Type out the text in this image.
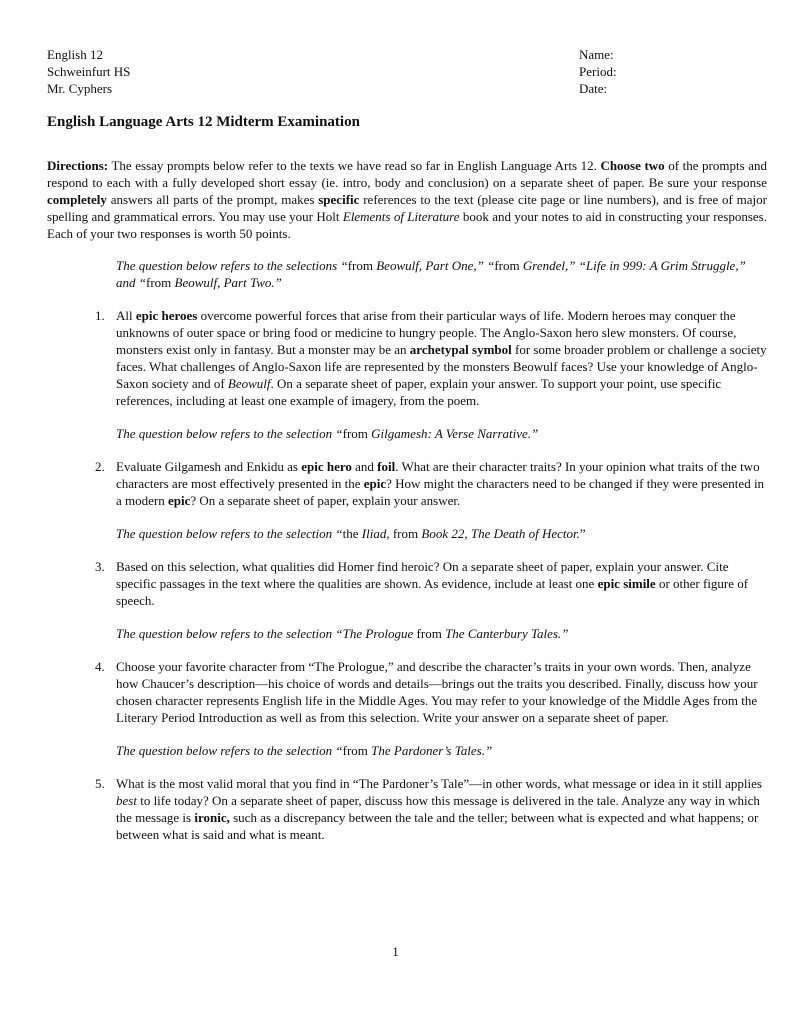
English 12
Schweinfurt HS
Mr. Cyphers
Name:
Period:
Date:
English Language Arts 12 Midterm Examination

Directions: The essay prompts below refer to the texts we have read so far in English Language Arts 12. Choose two of the prompts and respond to each with a fully developed short essay (ie. intro, body and conclusion) on a separate sheet of paper. Be sure your response completely answers all parts of the prompt, makes specific references to the text (please cite page or line numbers), and is free of major spelling and grammatical errors. You may use your Holt Elements of Literature book and your notes to aid in constructing your responses. Each of your two responses is worth 50 points.

The question below refers to the selections “from Beowulf, Part One,” “from Grendel,” “Life in 999: A Grim Struggle,” and “from Beowulf, Part Two.”

1. All epic heroes overcome powerful forces that arise from their particular ways of life. Modern heroes may conquer the unknowns of outer space or bring food or medicine to hungry people. The Anglo-Saxon hero slew monsters. Of course, monsters exist only in fantasy. But a monster may be an archetypal symbol for some broader problem or challenge a society faces. What challenges of Anglo-Saxon life are represented by the monsters Beowulf faces? Use your knowledge of Anglo-Saxon society and of Beowulf. On a separate sheet of paper, explain your answer. To support your point, use specific references, including at least one example of imagery, from the poem.

The question below refers to the selection “from Gilgamesh: A Verse Narrative.”

2. Evaluate Gilgamesh and Enkidu as epic hero and foil. What are their character traits? In your opinion what traits of the two characters are most effectively presented in the epic? How might the characters need to be changed if they were presented in a modern epic? On a separate sheet of paper, explain your answer.

The question below refers to the selection “the Iliad, from Book 22, The Death of Hector.”

3. Based on this selection, what qualities did Homer find heroic? On a separate sheet of paper, explain your answer. Cite specific passages in the text where the qualities are shown. As evidence, include at least one epic simile or other figure of speech.

The question below refers to the selection “The Prologue from The Canterbury Tales.”

4. Choose your favorite character from “The Prologue,” and describe the character’s traits in your own words. Then, analyze how Chaucer’s description—his choice of words and details—brings out the traits you described. Finally, discuss how your chosen character represents English life in the Middle Ages. You may refer to your knowledge of the Middle Ages from the Literary Period Introduction as well as from this selection. Write your answer on a separate sheet of paper.

The question below refers to the selection “from The Pardoner’s Tales.”

5. What is the most valid moral that you find in “The Pardoner’s Tale”—in other words, what message or idea in it still applies best to life today? On a separate sheet of paper, discuss how this message is delivered in the tale. Analyze any way in which the message is ironic, such as a discrepancy between the tale and the teller; between what is expected and what happens; or between what is said and what is meant.
1
